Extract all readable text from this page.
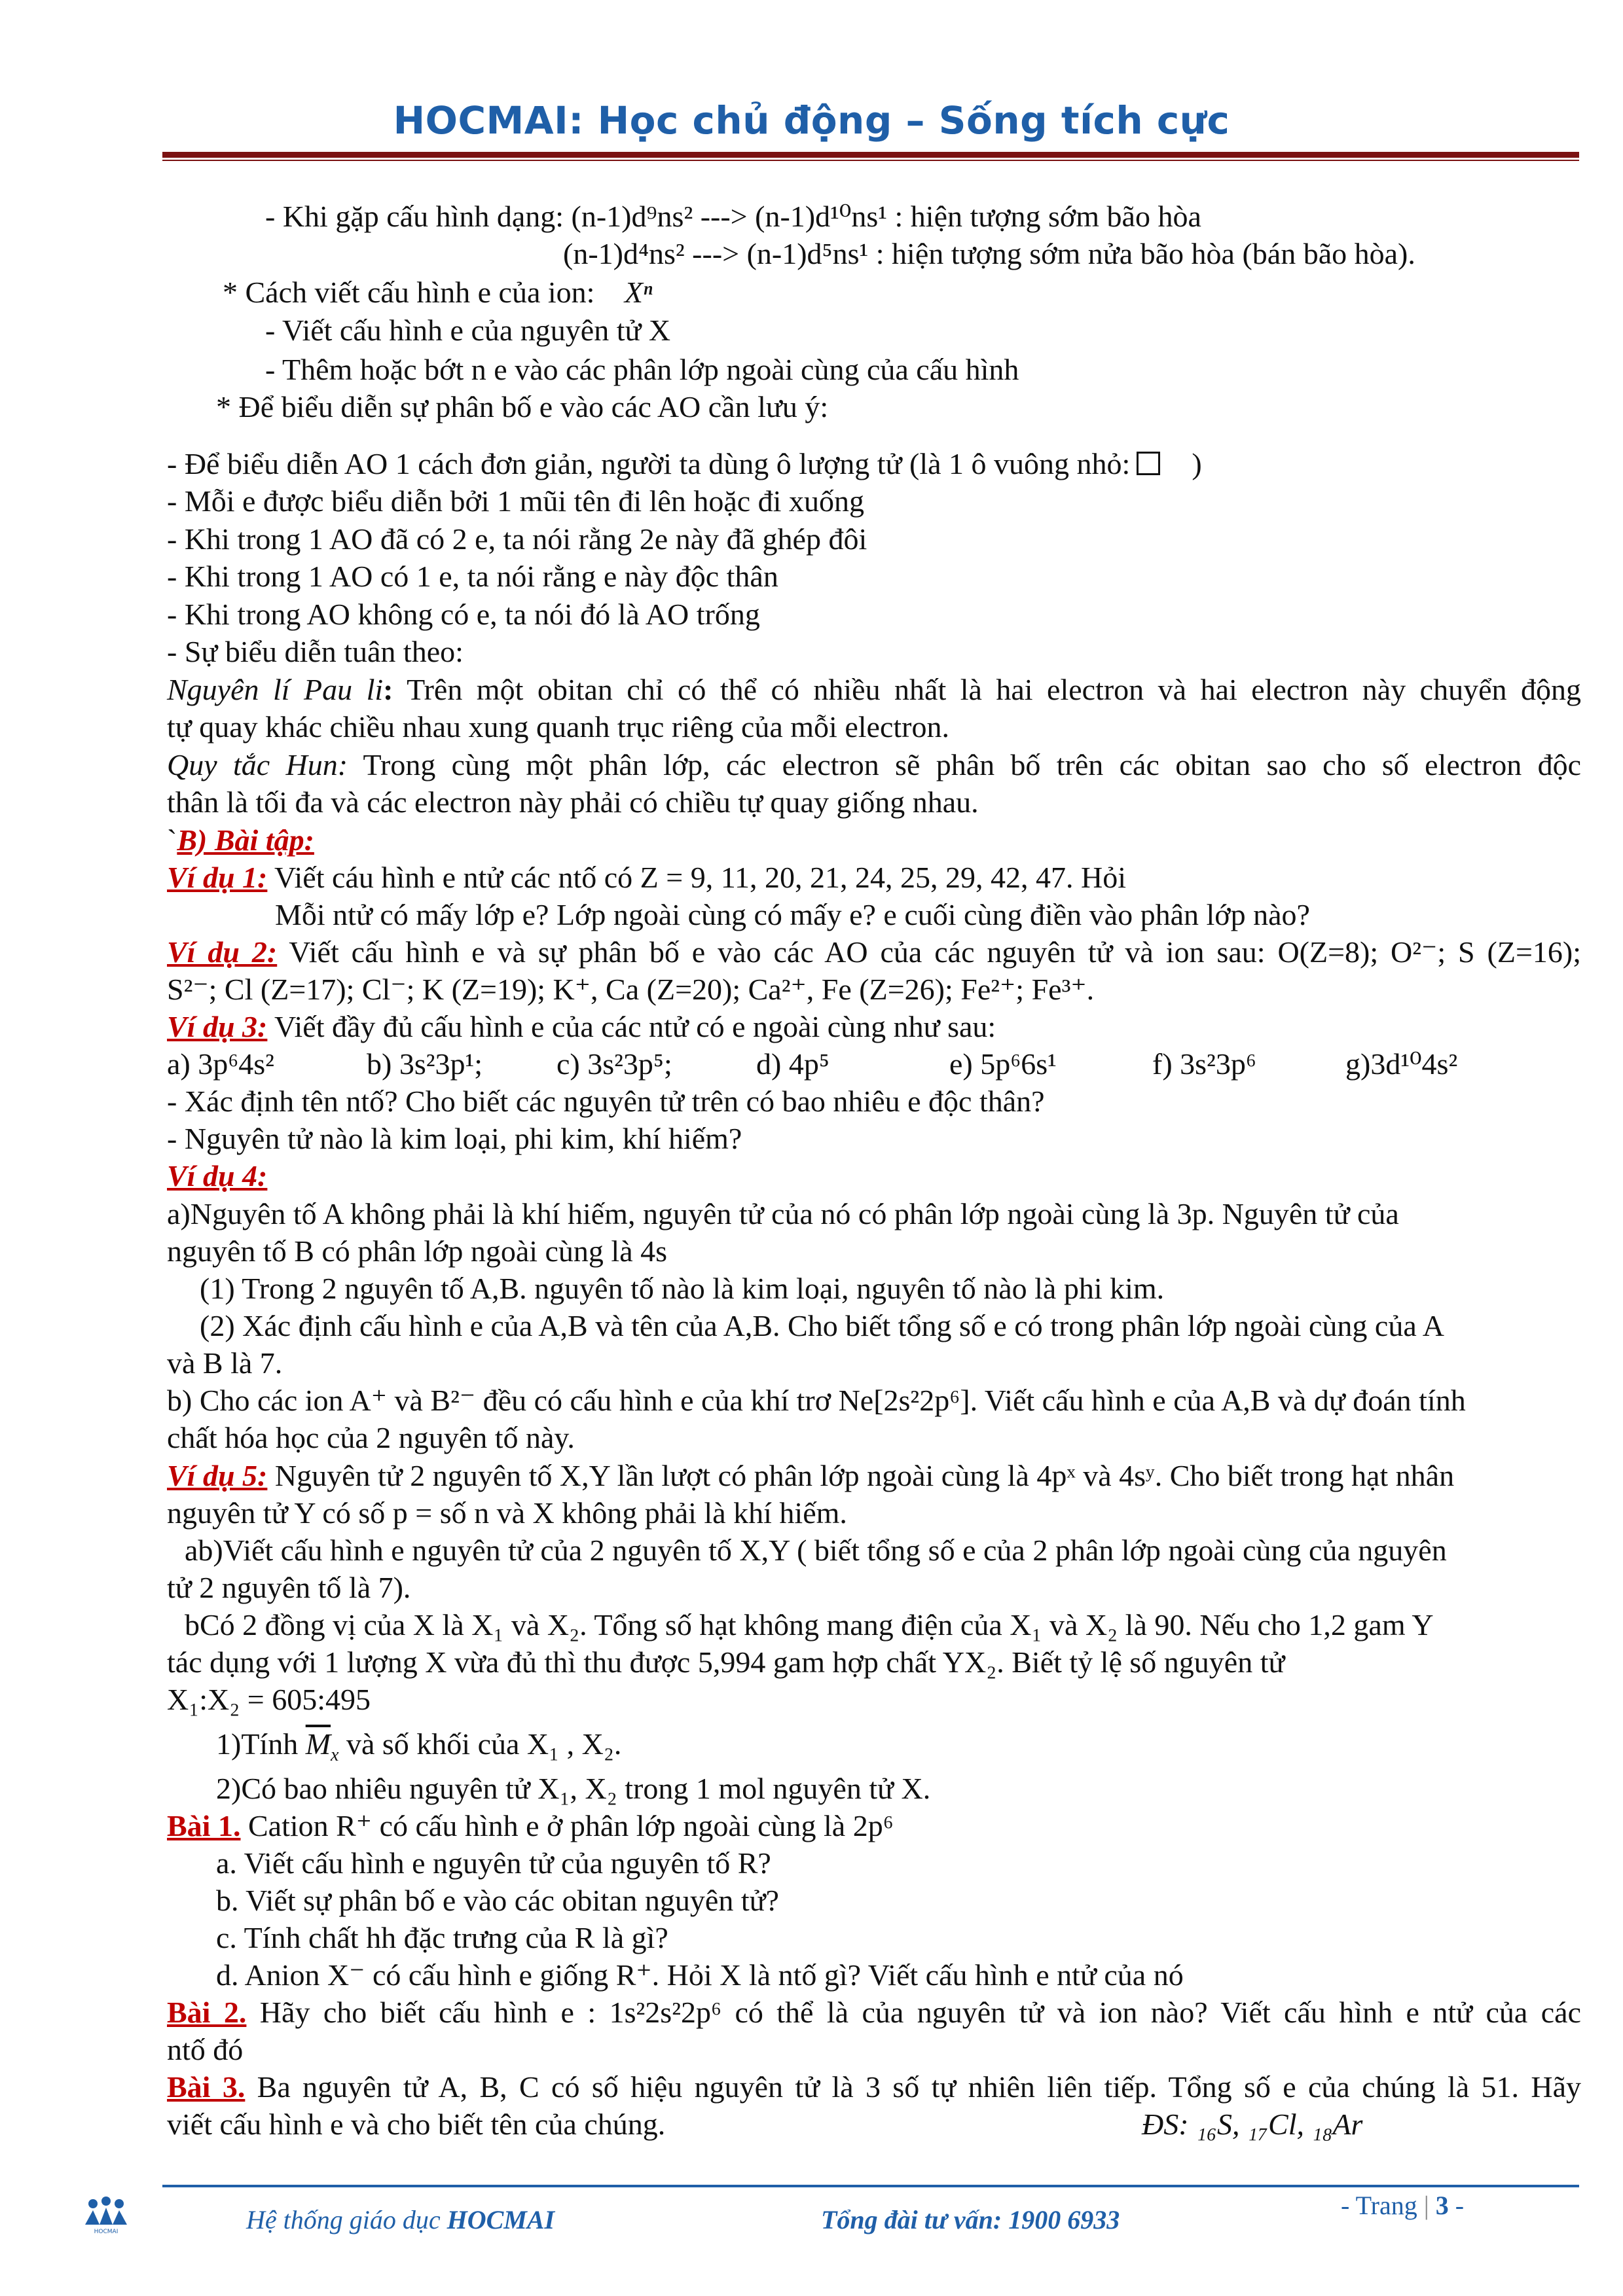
HOCMAI: Học chủ động – Sống tích cực
- Khi gặp cấu hình dạng: (n-1)d⁹ns² ---> (n-1)d¹⁰ns¹ : hiện tượng sớm bão hòa
(n-1)d⁴ns² ---> (n-1)d⁵ns¹ : hiện tượng sớm nửa bão hòa (bán bão hòa).
* Cách viết cấu hình e của ion: Xⁿ
- Viết cấu hình e của nguyên tử X
- Thêm hoặc bớt n e vào các phân lớp ngoài cùng của cấu hình
* Để biểu diễn sự phân bố e vào các AO cần lưu ý:
- Để biểu diễn AO 1 cách đơn giản, người ta dùng ô lượng tử (là 1 ô vuông nhỏ: )
- Mỗi e được biểu diễn bởi 1 mũi tên đi lên hoặc đi xuống
- Khi trong 1 AO đã có 2 e, ta nói rằng 2e này đã ghép đôi
- Khi trong 1 AO có 1 e, ta nói rằng e này độc thân
- Khi trong AO không có e, ta nói đó là AO trống
- Sự biểu diễn tuân theo:
Nguyên lí Pau li: Trên một obitan chỉ có thể có nhiều nhất là hai electron và hai electron này chuyển động
tự quay khác chiều nhau xung quanh trục riêng của mỗi electron.
Quy tắc Hun: Trong cùng một phân lớp, các electron sẽ phân bố trên các obitan sao cho số electron độc
thân là tối đa và các electron này phải có chiều tự quay giống nhau.
`B) Bài tập:
Ví dụ 1: Viết cáu hình e ntử các ntố có Z = 9, 11, 20, 21, 24, 25, 29, 42, 47. Hỏi
Mỗi ntử có mấy lớp e? Lớp ngoài cùng có mấy e? e cuối cùng điền vào phân lớp nào?
Ví dụ 2: Viết cấu hình e và sự phân bố e vào các AO của các nguyên tử và ion sau: O(Z=8); O²⁻; S (Z=16);
S²⁻; Cl (Z=17); Cl⁻; K (Z=19); K⁺, Ca (Z=20); Ca²⁺, Fe (Z=26); Fe²⁺; Fe³⁺.
Ví dụ 3: Viết đầy đủ cấu hình e của các ntử có e ngoài cùng như sau:
a) 3p⁶4s²	b) 3s²3p¹; c) 3s²3p⁵;	d) 4p⁵	e) 5p⁶6s¹	f) 3s²3p⁶	g)3d¹⁰4s²
- Xác định tên ntố? Cho biết các nguyên tử trên có bao nhiêu e độc thân?
- Nguyên tử nào là kim loại, phi kim, khí hiếm?
Ví dụ 4:
a)Nguyên tố A không phải là khí hiếm, nguyên tử của nó có phân lớp ngoài cùng là 3p. Nguyên tử của
nguyên tố B có phân lớp ngoài cùng là 4s
(1) Trong 2 nguyên tố A,B. nguyên tố nào là kim loại, nguyên tố nào là phi kim.
(2) Xác định cấu hình e của A,B và tên của A,B. Cho biết tổng số e có trong phân lớp ngoài cùng của A
và B là 7.
b) Cho các ion A⁺ và B²⁻ đều có cấu hình e của khí trơ Ne[2s²2p⁶]. Viết cấu hình e của A,B và dự đoán tính
chất hóa học của 2 nguyên tố này.
Ví dụ 5: Nguyên tử 2 nguyên tố X,Y lần lượt có phân lớp ngoài cùng là 4pˣ và 4sʸ. Cho biết trong hạt nhân
nguyên tử Y có số p = số n và X không phải là khí hiếm.
ab)Viết cấu hình e nguyên tử của 2 nguyên tố X,Y ( biết tổng số e của 2 phân lớp ngoài cùng của nguyên
tử 2 nguyên tố là 7).
bCó 2 đồng vị của X là X₁ và X₂. Tổng số hạt không mang điện của X₁ và X₂ là 90. Nếu cho 1,2 gam Y
tác dụng với 1 lượng X vừa đủ thì thu được 5,994 gam hợp chất YX₂. Biết tỷ lệ số nguyên tử
X₁:X₂ = 605:495
1)Tính $\overline{M}_x$ và số khối của X₁ , X₂.
2)Có bao nhiêu nguyên tử X₁, X₂ trong 1 mol nguyên tử X.
Bài 1. Cation R⁺ có cấu hình e ở phân lớp ngoài cùng là 2p⁶
a. Viết cấu hình e nguyên tử của nguyên tố R?
b. Viết sự phân bố e vào các obitan nguyên tử?
c. Tính chất hh đặc trưng của R là gì?
d. Anion X⁻ có cấu hình e giống R⁺. Hỏi X là ntố gì? Viết cấu hình e ntử của nó
Bài 2. Hãy cho biết cấu hình e : 1s²2s²2p⁶ có thể là của nguyên tử và ion nào? Viết cấu hình e ntử của các
ntố đó
Bài 3. Ba nguyên tử A, B, C có số hiệu nguyên tử là 3 số tự nhiên liên tiếp. Tổng số e của chúng là 51. Hãy
viết cấu hình e và cho biết tên của chúng.	ĐS: ₁₆S, ₁₇Cl, ₁₈Ar
HOCMAI	Hệ thống giáo dục HOCMAI	Tổng đài tư vấn: 1900 6933	- Trang | 3 -
